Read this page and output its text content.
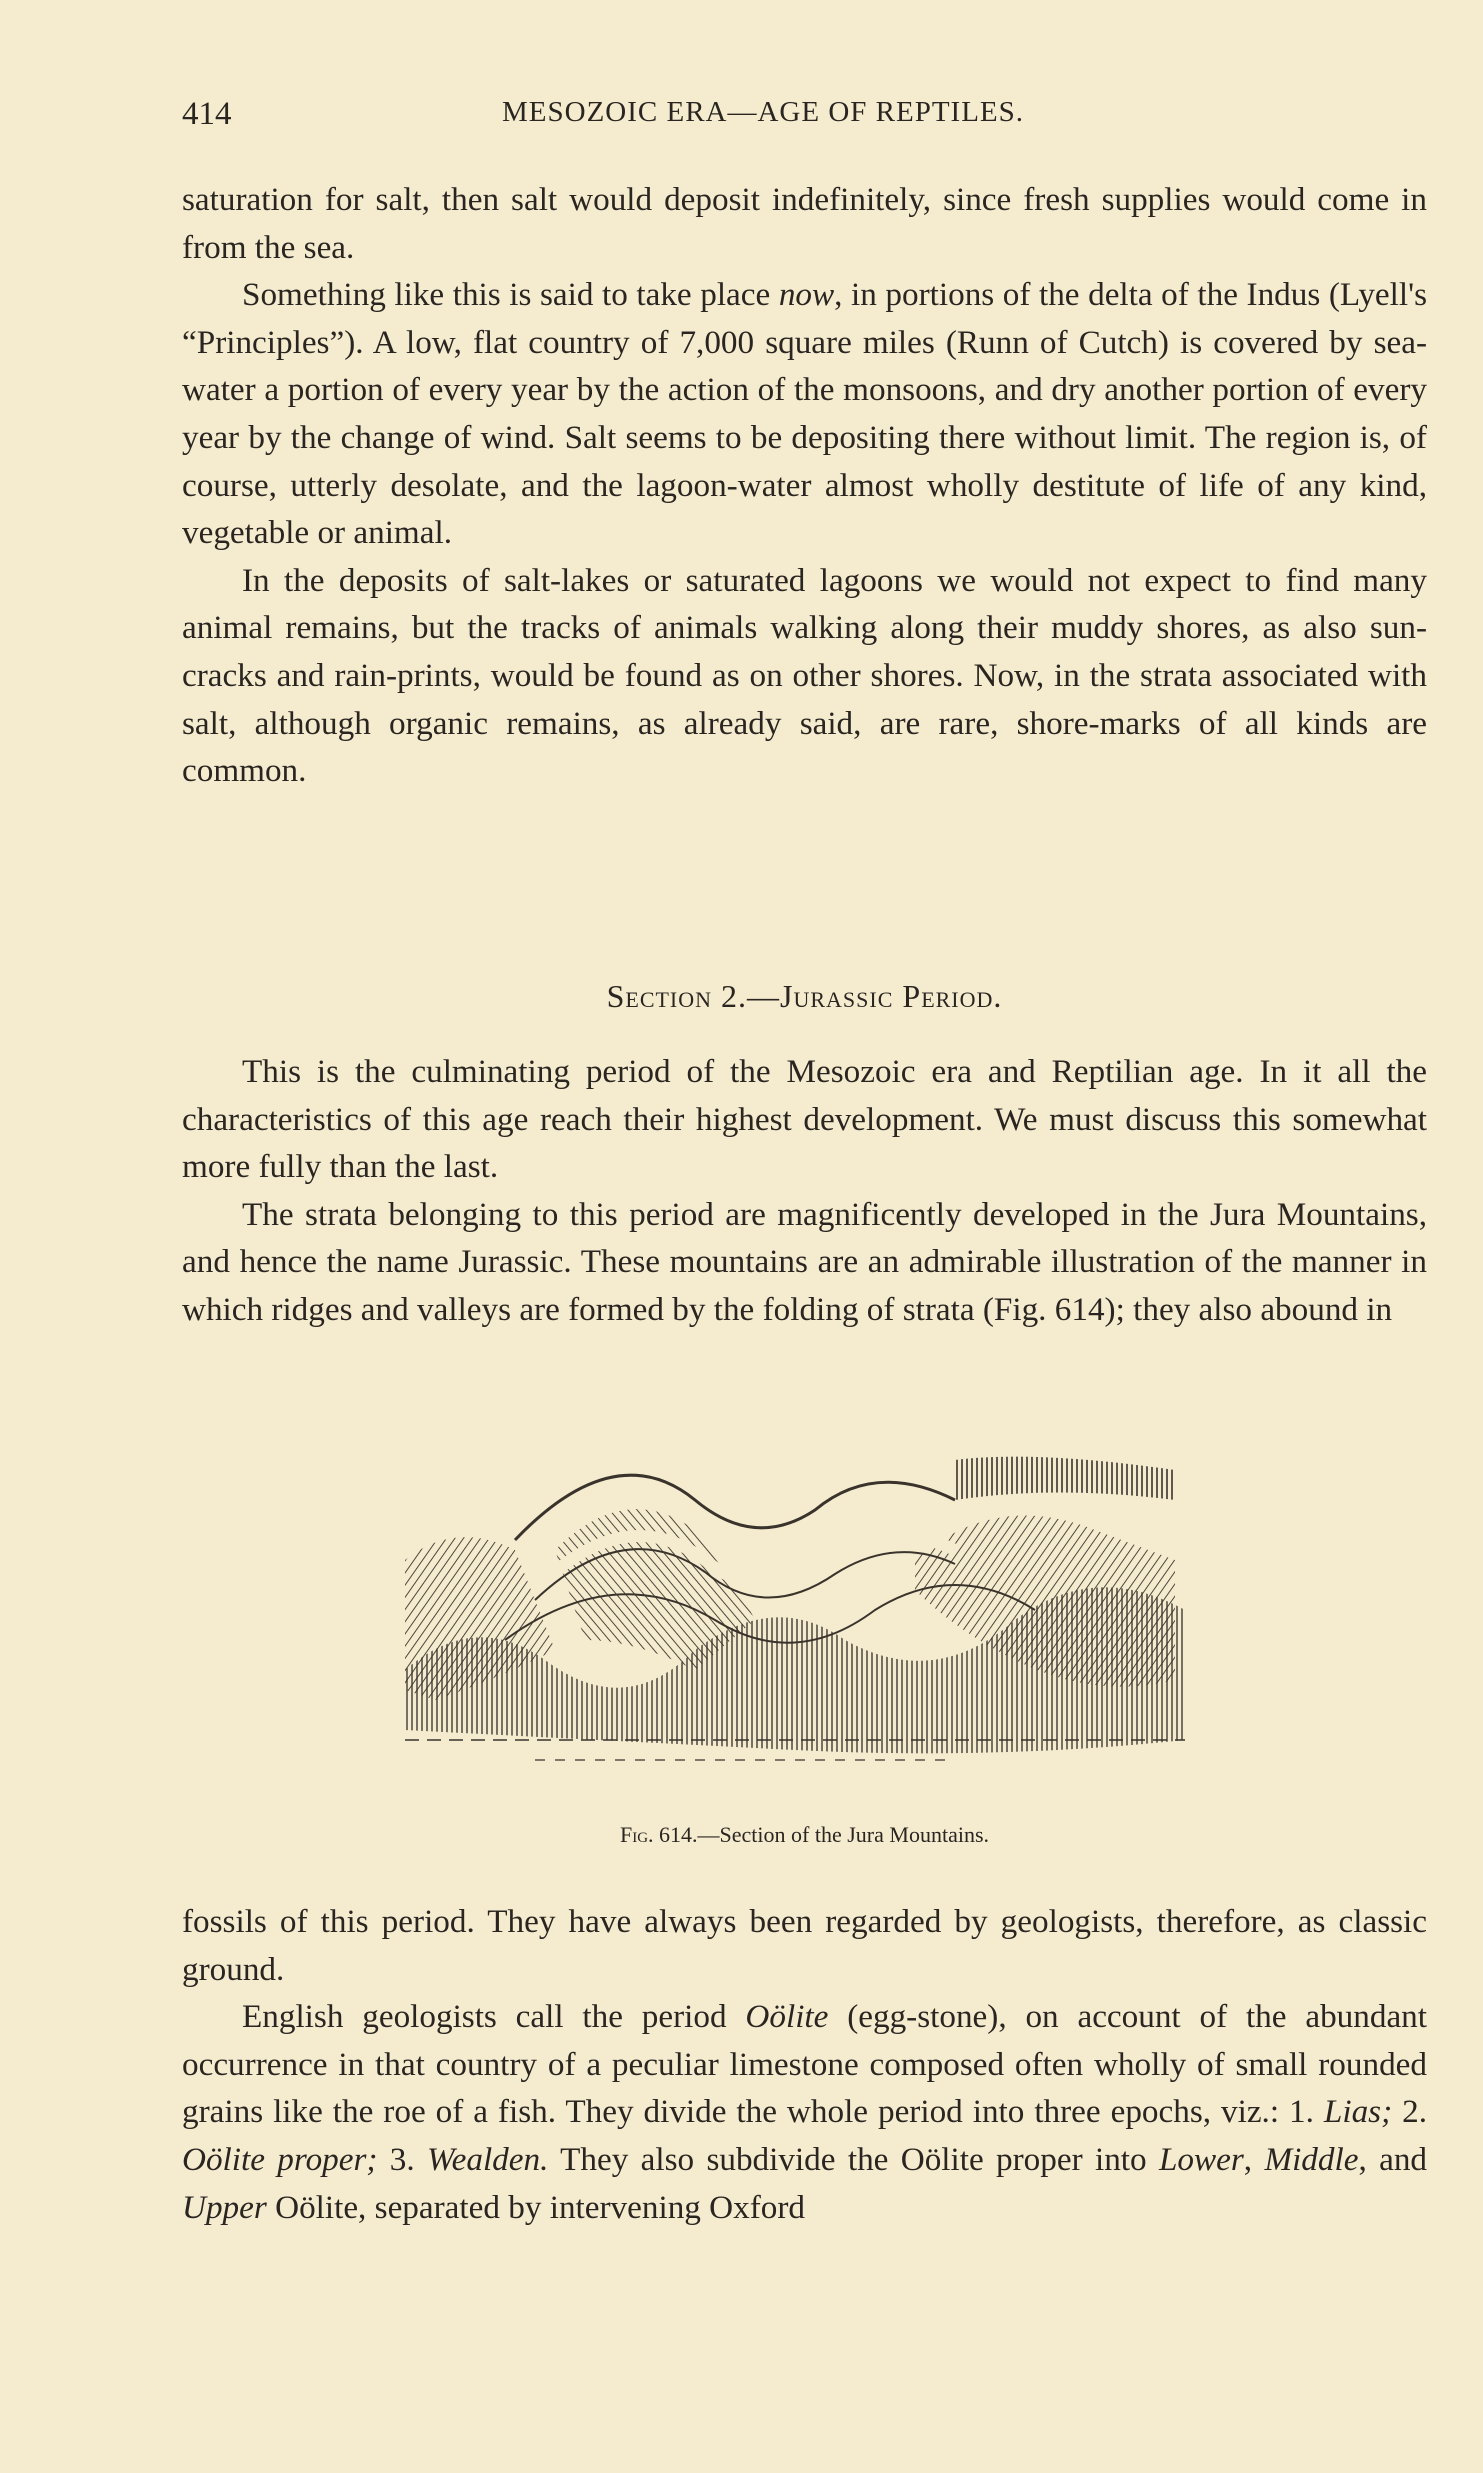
414	MESOZOIC ERA—AGE OF REPTILES.

saturation for salt, then salt would deposit indefinitely, since fresh supplies would come in from the sea.

Something like this is said to take place now, in portions of the delta of the Indus (Lyell's “Principles”). A low, flat country of 7,000 square miles (Runn of Cutch) is covered by sea-water a portion of every year by the action of the monsoons, and dry another portion of every year by the change of wind. Salt seems to be depositing there without limit. The region is, of course, utterly desolate, and the lagoon-water almost wholly destitute of life of any kind, vegetable or animal.

In the deposits of salt-lakes or saturated lagoons we would not expect to find many animal remains, but the tracks of animals walking along their muddy shores, as also sun-cracks and rain-prints, would be found as on other shores. Now, in the strata associated with salt, although organic remains, as already said, are rare, shore-marks of all kinds are common.

Section 2.—Jurassic Period.

This is the culminating period of the Mesozoic era and Reptilian age. In it all the characteristics of this age reach their highest development. We must discuss this somewhat more fully than the last.

The strata belonging to this period are magnificently developed in the Jura Mountains, and hence the name Jurassic. These mountains are an admirable illustration of the manner in which ridges and valleys are formed by the folding of strata (Fig. 614); they also abound in

Fig. 614.—Section of the Jura Mountains.

fossils of this period. They have always been regarded by geologists, therefore, as classic ground.

English geologists call the period Oölite (egg-stone), on account of the abundant occurrence in that country of a peculiar limestone composed often wholly of small rounded grains like the roe of a fish. They divide the whole period into three epochs, viz.: 1. Lias; 2. Oölite proper; 3. Wealden. They also subdivide the Oölite proper into Lower, Middle, and Upper Oölite, separated by intervening Oxford
